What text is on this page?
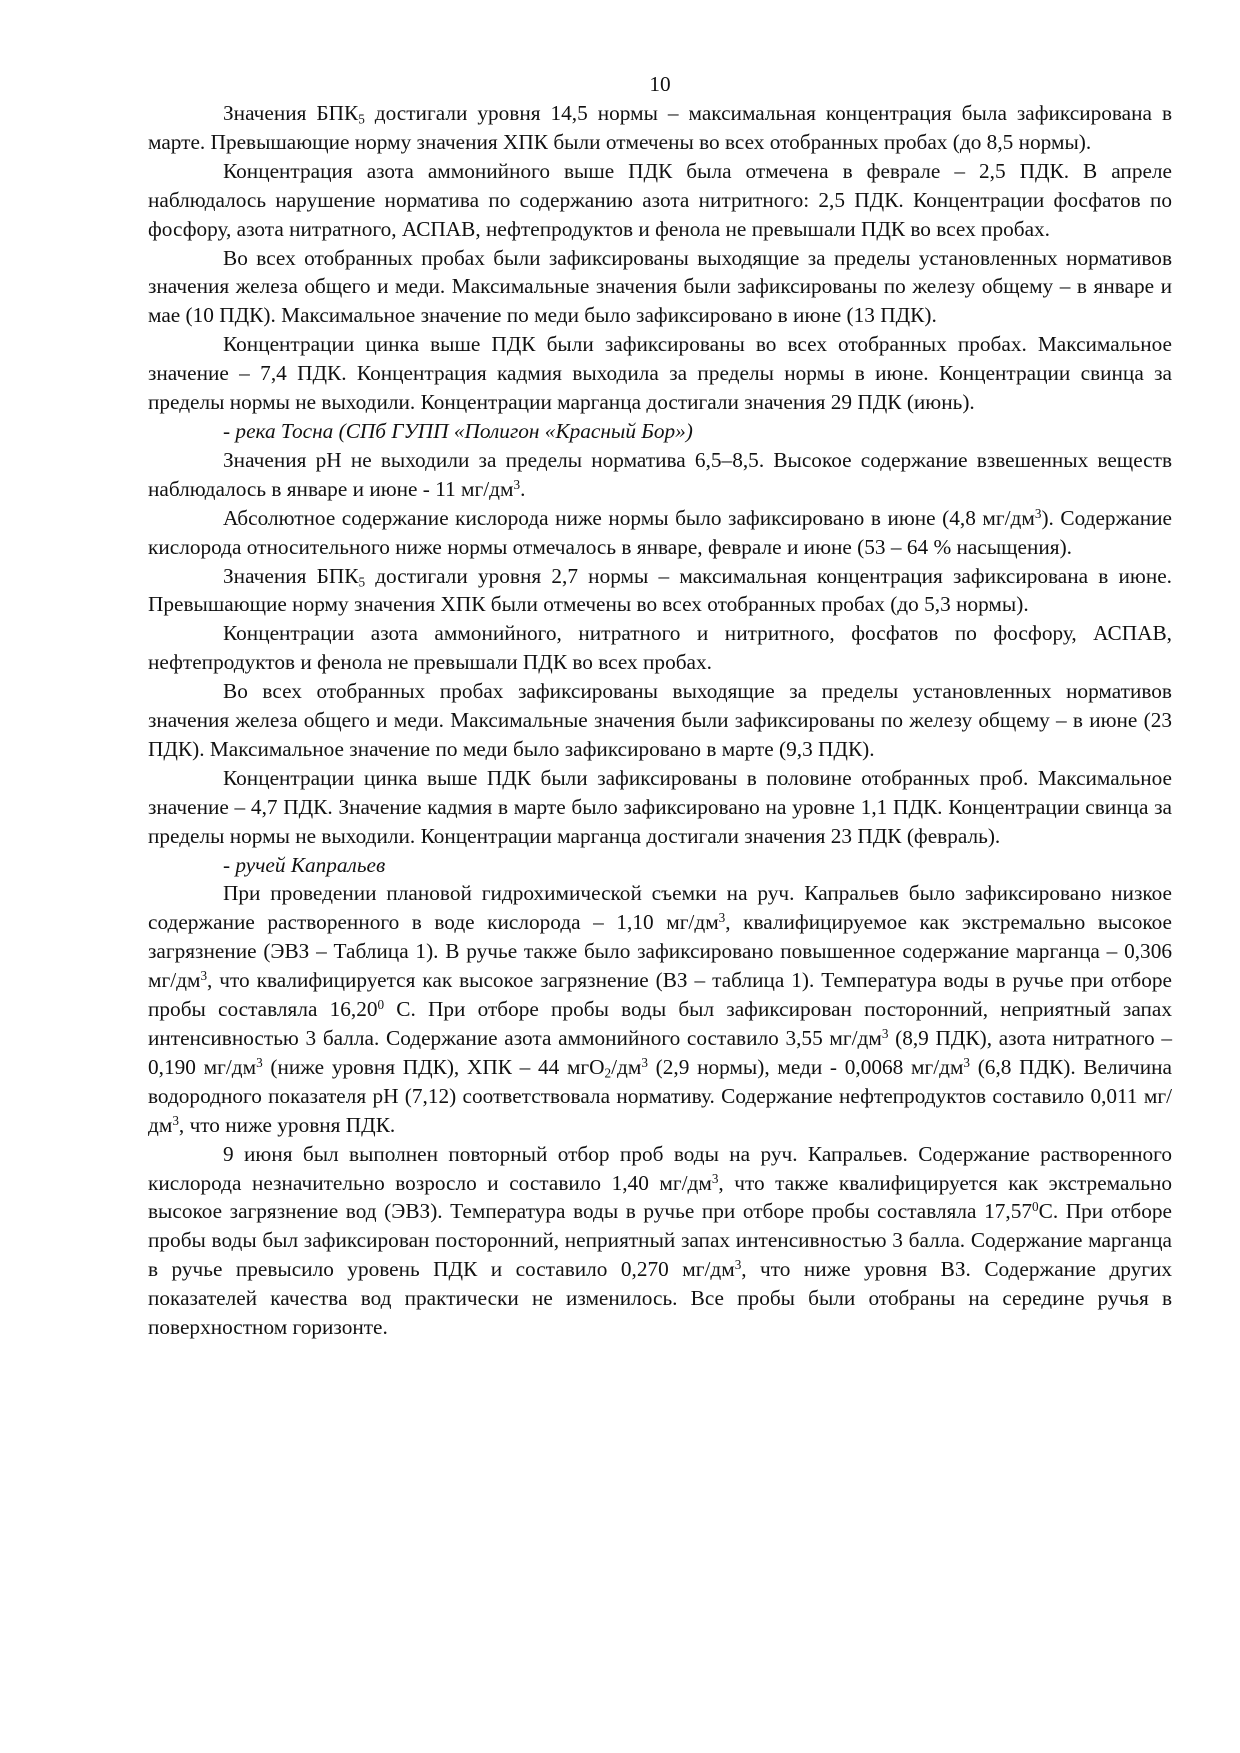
10

Значения $БПК_5$ достигали уровня 14,5 нормы – максимальная концентрация была зафиксирована в марте. Превышающие норму значения ХПК были отмечены во всех отобранных пробах (до 8,5 нормы).

Концентрация азота аммонийного выше ПДК была отмечена в феврале – 2,5 ПДК. В апреле наблюдалось нарушение норматива по содержанию азота нитритного: 2,5 ПДК. Концентрации фосфатов по фосфору, азота нитратного, АСПАВ, нефтепродуктов и фенола не превышали ПДК во всех пробах.

Во всех отобранных пробах были зафиксированы выходящие за пределы установленных нормативов значения железа общего и меди. Максимальные значения были зафиксированы по железу общему – в январе и мае (10 ПДК). Максимальное значение по меди было зафиксировано в июне (13 ПДК).

Концентрации цинка выше ПДК были зафиксированы во всех отобранных пробах. Максимальное значение – 7,4 ПДК. Концентрация кадмия выходила за пределы нормы в июне. Концентрации свинца за пределы нормы не выходили. Концентрации марганца достигали значения 29 ПДК (июнь).

- река Тосна (СПб ГУПП «Полигон «Красный Бор»)

Значения pH не выходили за пределы норматива 6,5–8,5. Высокое содержание взвешенных веществ наблюдалось в январе и июне - 11 $мг/дм^3$.

Абсолютное содержание кислорода ниже нормы было зафиксировано в июне (4,8 $мг/дм^3$). Содержание кислорода относительного ниже нормы отмечалось в январе, феврале и июне (53 – 64 % насыщения).

Значения $БПК_5$ достигали уровня 2,7 нормы – максимальная концентрация зафиксирована в июне. Превышающие норму значения ХПК были отмечены во всех отобранных пробах (до 5,3 нормы).

Концентрации азота аммонийного, нитратного и нитритного, фосфатов по фосфору, АСПАВ, нефтепродуктов и фенола не превышали ПДК во всех пробах.

Во всех отобранных пробах зафиксированы выходящие за пределы установленных нормативов значения железа общего и меди. Максимальные значения были зафиксированы по железу общему – в июне (23 ПДК). Максимальное значение по меди было зафиксировано в марте (9,3 ПДК).

Концентрации цинка выше ПДК были зафиксированы в половине отобранных проб. Максимальное значение – 4,7 ПДК. Значение кадмия в марте было зафиксировано на уровне 1,1 ПДК. Концентрации свинца за пределы нормы не выходили. Концентрации марганца достигали значения 23 ПДК (февраль).

- ручей Капральев

При проведении плановой гидрохимической съемки на руч. Капральев было зафиксировано низкое содержание растворенного в воде кислорода – 1,10 $мг/дм^3$, квалифицируемое как экстремально высокое загрязнение (ЭВЗ – Таблица 1). В ручье также было зафиксировано повышенное содержание марганца – 0,306 $мг/дм^3$, что квалифицируется как высокое загрязнение (ВЗ – таблица 1). Температура воды в ручье при отборе пробы составляла 16,20$^0$ С. При отборе пробы воды был зафиксирован посторонний, неприятный запах интенсивностью 3 балла. Содержание азота аммонийного составило 3,55 $мг/дм^3$ (8,9 ПДК), азота нитратного – 0,190 $мг/дм^3$ (ниже уровня ПДК), ХПК – 44 $мгО_2/дм^3$ (2,9 нормы), меди - 0,0068 $мг/дм^3$ (6,8 ПДК). Величина водородного показателя рН (7,12) соответствовала нормативу. Содержание нефтепродуктов составило 0,011 $мг/дм^3$, что ниже уровня ПДК.

9 июня был выполнен повторный отбор проб воды на руч. Капральев. Содержание растворенного кислорода незначительно возросло и составило 1,40 $мг/дм^3$, что также квалифицируется как экстремально высокое загрязнение вод (ЭВЗ). Температура воды в ручье при отборе пробы составляла 17,57$^0$С. При отборе пробы воды был зафиксирован посторонний, неприятный запах интенсивностью 3 балла. Содержание марганца в ручье превысило уровень ПДК и составило 0,270 $мг/дм^3$, что ниже уровня ВЗ. Содержание других показателей качества вод практически не изменилось. Все пробы были отобраны на середине ручья в поверхностном горизонте.
